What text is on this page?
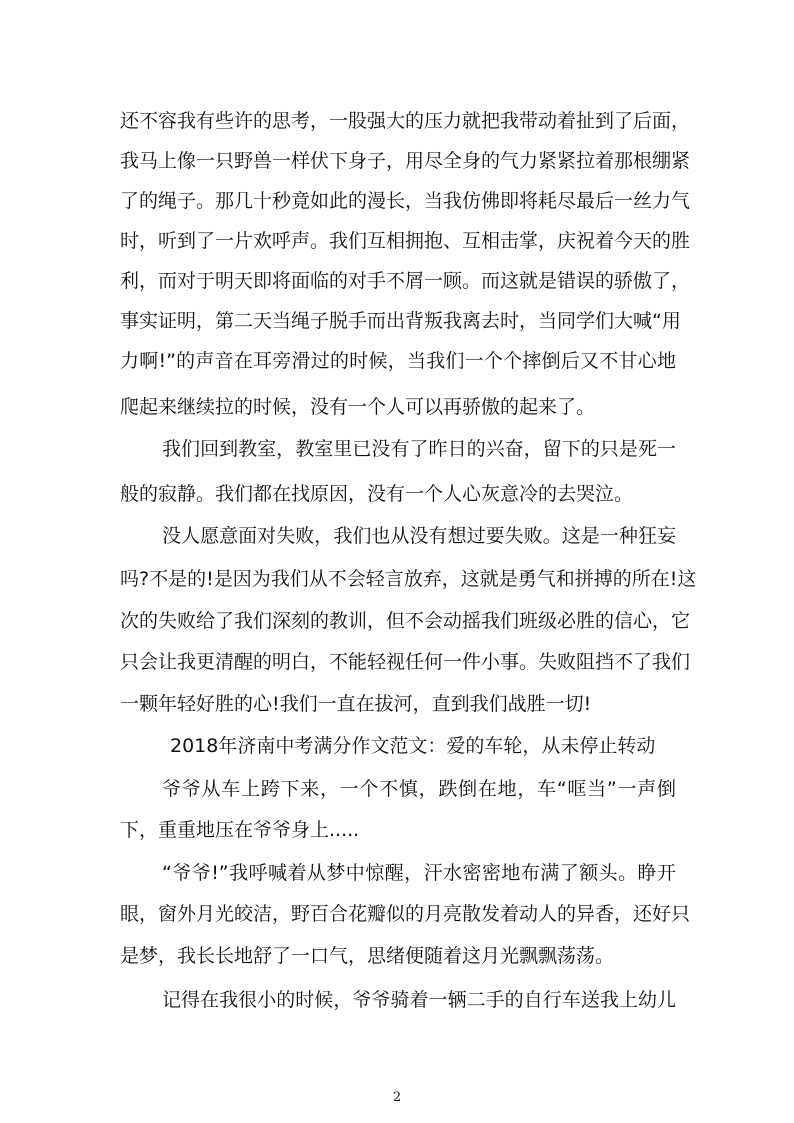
还不容我有些许的思考，一股强大的压力就把我带动着扯到了后面，
我马上像一只野兽一样伏下身子，用尽全身的气力紧紧拉着那根绷紧
了的绳子。那几十秒竟如此的漫长，当我仿佛即将耗尽最后一丝力气
时，听到了一片欢呼声。我们互相拥抱、互相击掌，庆祝着今天的胜
利，而对于明天即将面临的对手不屑一顾。而这就是错误的骄傲了，
事实证明，第二天当绳子脱手而出背叛我离去时，当同学们大喊“用
力啊!”的声音在耳旁滑过的时候，当我们一个个摔倒后又不甘心地
爬起来继续拉的时候，没有一个人可以再骄傲的起来了。
我们回到教室，教室里已没有了昨日的兴奋，留下的只是死一
般的寂静。我们都在找原因，没有一个人心灰意冷的去哭泣。
没人愿意面对失败，我们也从没有想过要失败。这是一种狂妄
吗?不是的!是因为我们从不会轻言放弃，这就是勇气和拼搏的所在!这
次的失败给了我们深刻的教训，但不会动摇我们班级必胜的信心，它
只会让我更清醒的明白，不能轻视任何一件小事。失败阻挡不了我们
一颗年轻好胜的心!我们一直在拔河，直到我们战胜一切!
2018年济南中考满分作文范文：爱的车轮，从未停止转动
爷爷从车上跨下来，一个不慎，跌倒在地，车“哐当”一声倒
下，重重地压在爷爷身上.....
“爷爷!”我呼喊着从梦中惊醒，汗水密密地布满了额头。睁开
眼，窗外月光皎洁，野百合花瓣似的月亮散发着动人的异香，还好只
是梦，我长长地舒了一口气，思绪便随着这月光飘飘荡荡。
记得在我很小的时候，爷爷骑着一辆二手的自行车送我上幼儿
2
